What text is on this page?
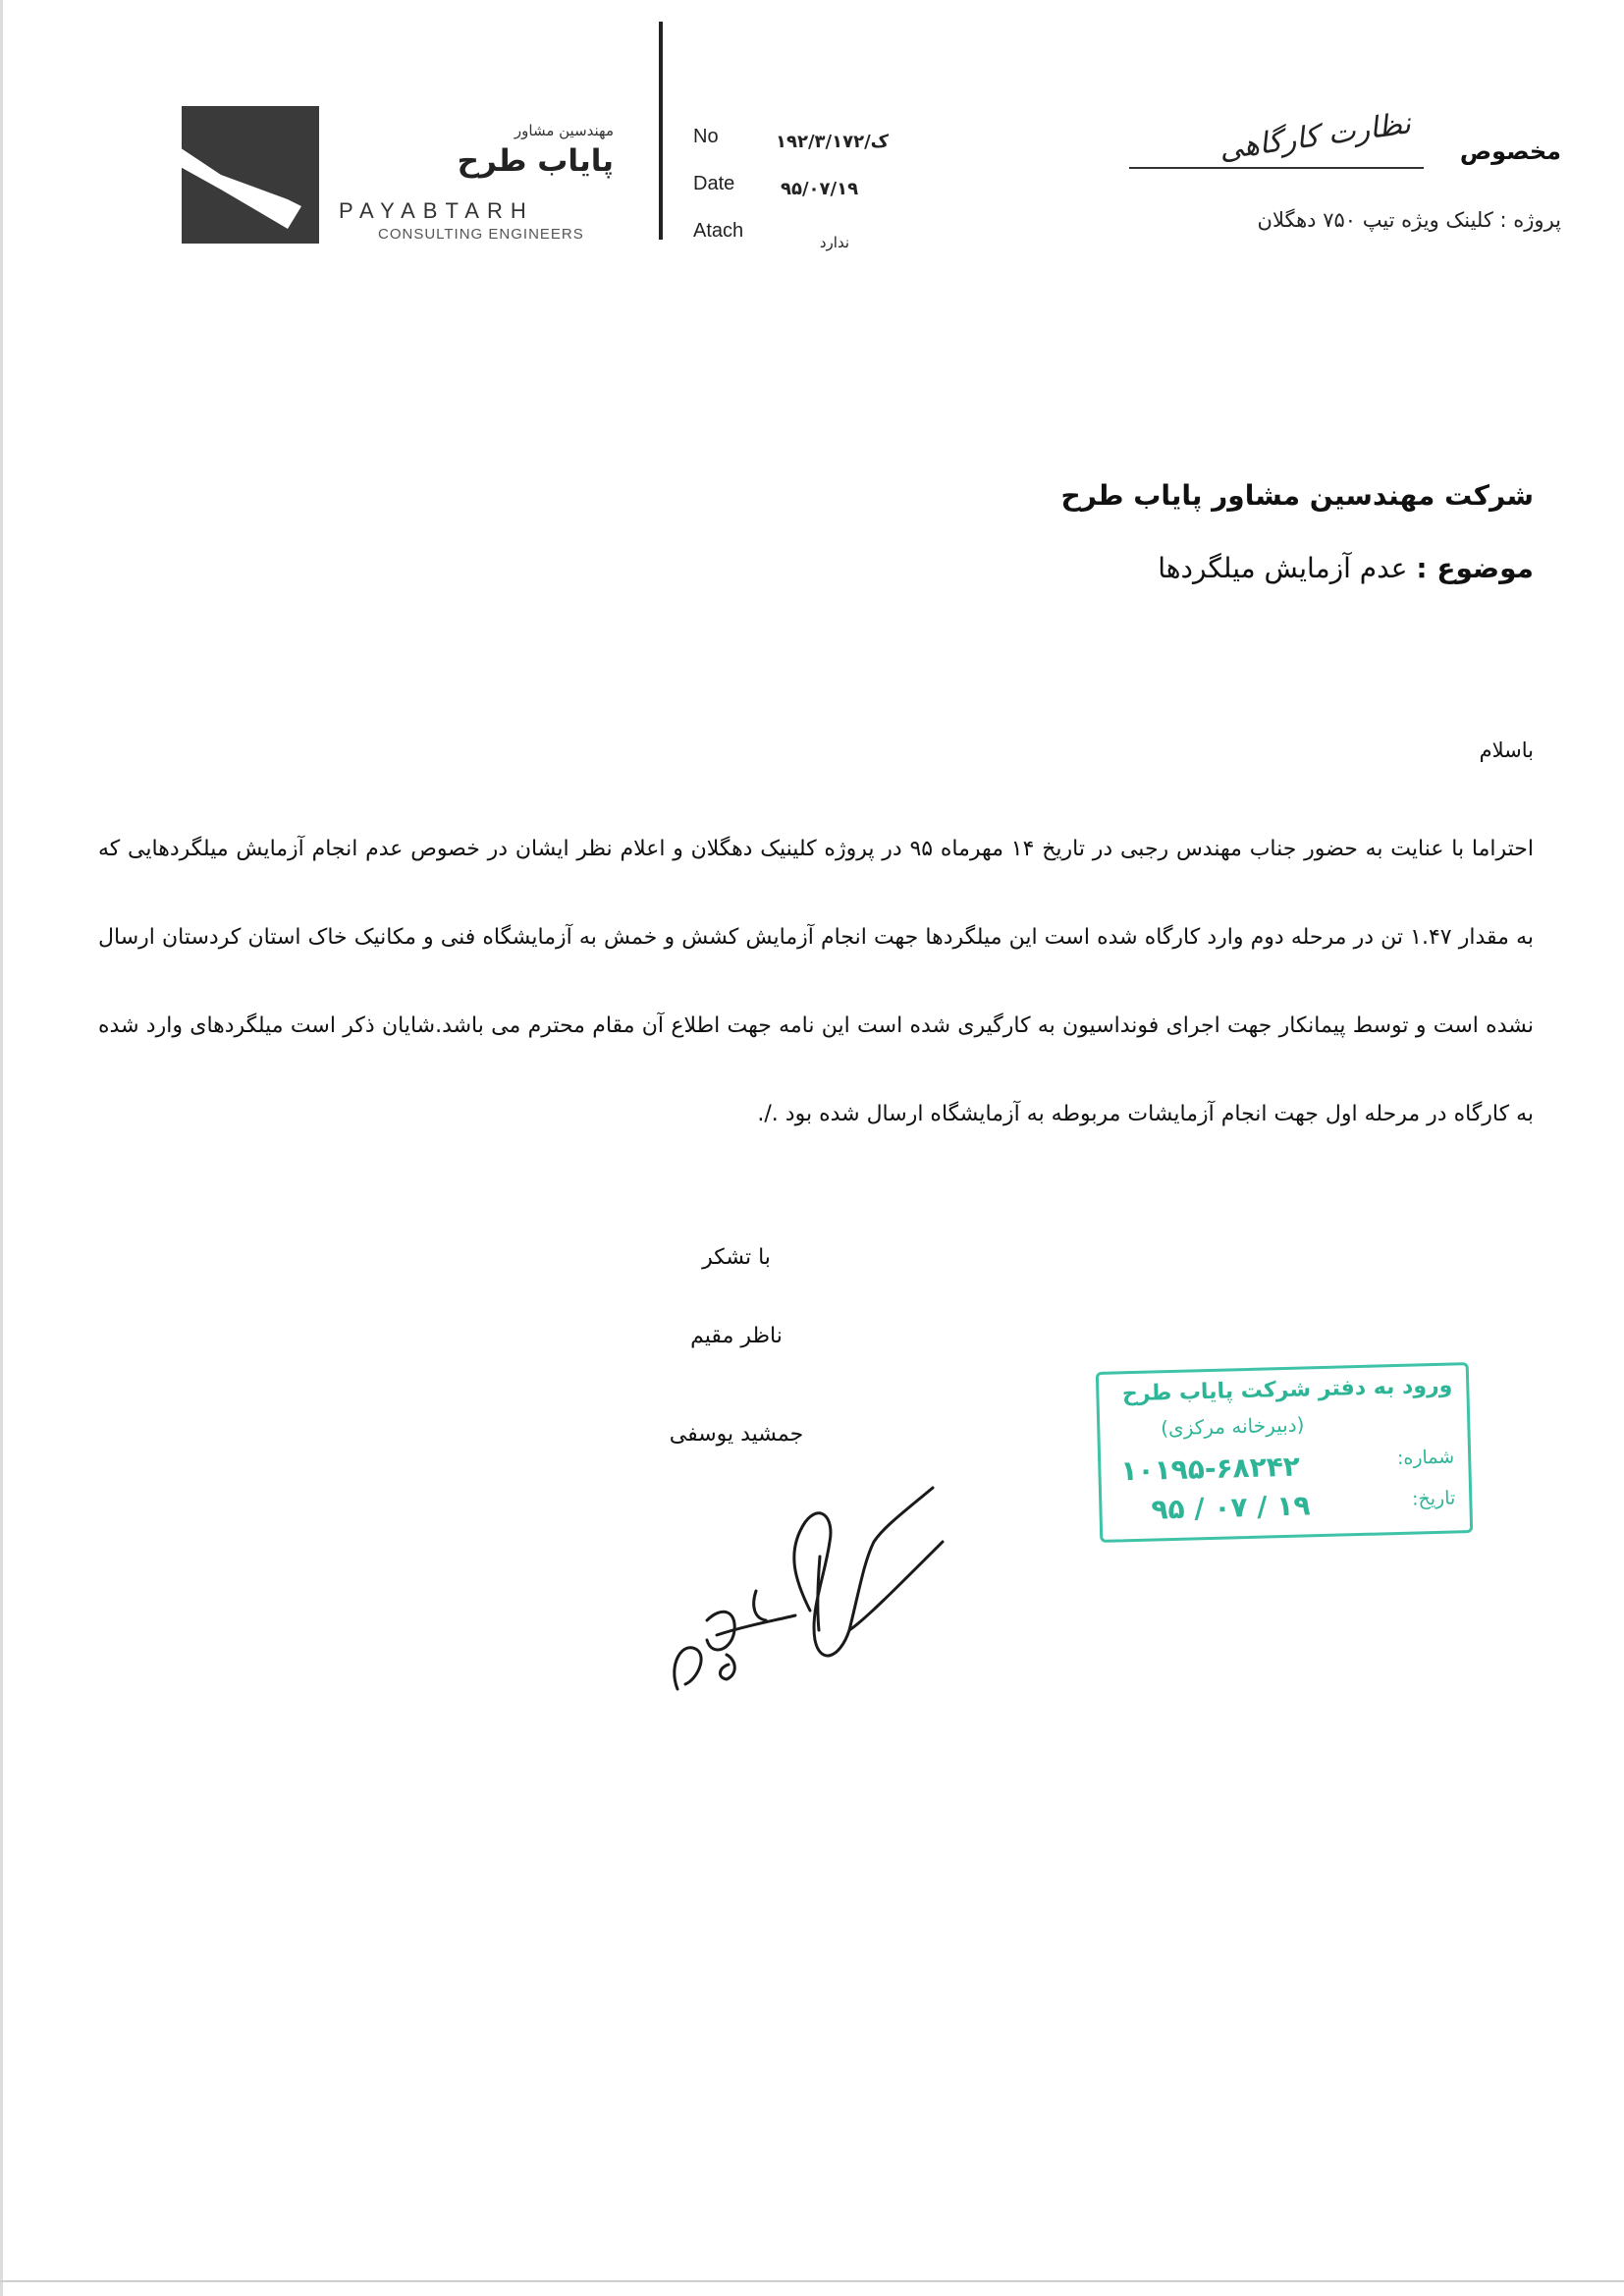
مهندسین مشاور
پایاب طرح
PAYABTARH
CONSULTING ENGINEERS
No	۱۹۲/۳/ک/۱۷۲
Date	۹۵/۰۷/۱۹
Atach
ندارد
مخصوص
نظارت کارگاهی
پروژه : کلینک ویژه تیپ ۷۵۰ دهگلان
شرکت مهندسین مشاور پایاب طرح
موضوع : عدم آزمایش میلگردها
باسلام
احتراما با عنایت به حضور جناب مهندس رجبی در تاریخ ۱۴ مهرماه ۹۵ در پروژه کلینیک دهگلان و اعلام نظر ایشان در خصوص عدم انجام آزمایش میلگردهایی که به مقدار ۱.۴۷ تن در مرحله دوم وارد کارگاه شده است این میلگردها جهت انجام آزمایش کشش و خمش به آزمایشگاه فنی و مکانیک خاک استان کردستان ارسال نشده است و توسط پیمانکار جهت اجرای فونداسیون به کارگیری شده است این نامه جهت اطلاع آن مقام محترم می باشد.شایان ذکر است میلگردهای وارد شده به کارگاه در مرحله اول جهت انجام آزمایشات مربوطه به آزمایشگاه ارسال شده بود ./.
با تشکر
ناظر مقیم
جمشید یوسفی
ورود به دفتر شرکت پایاب طرح
(دبیرخانه مرکزی)
شماره:
۱۰۱۹۵-۶۸۲۴۲
تاریخ:
۹۵ / ۰۷ / ۱۹
